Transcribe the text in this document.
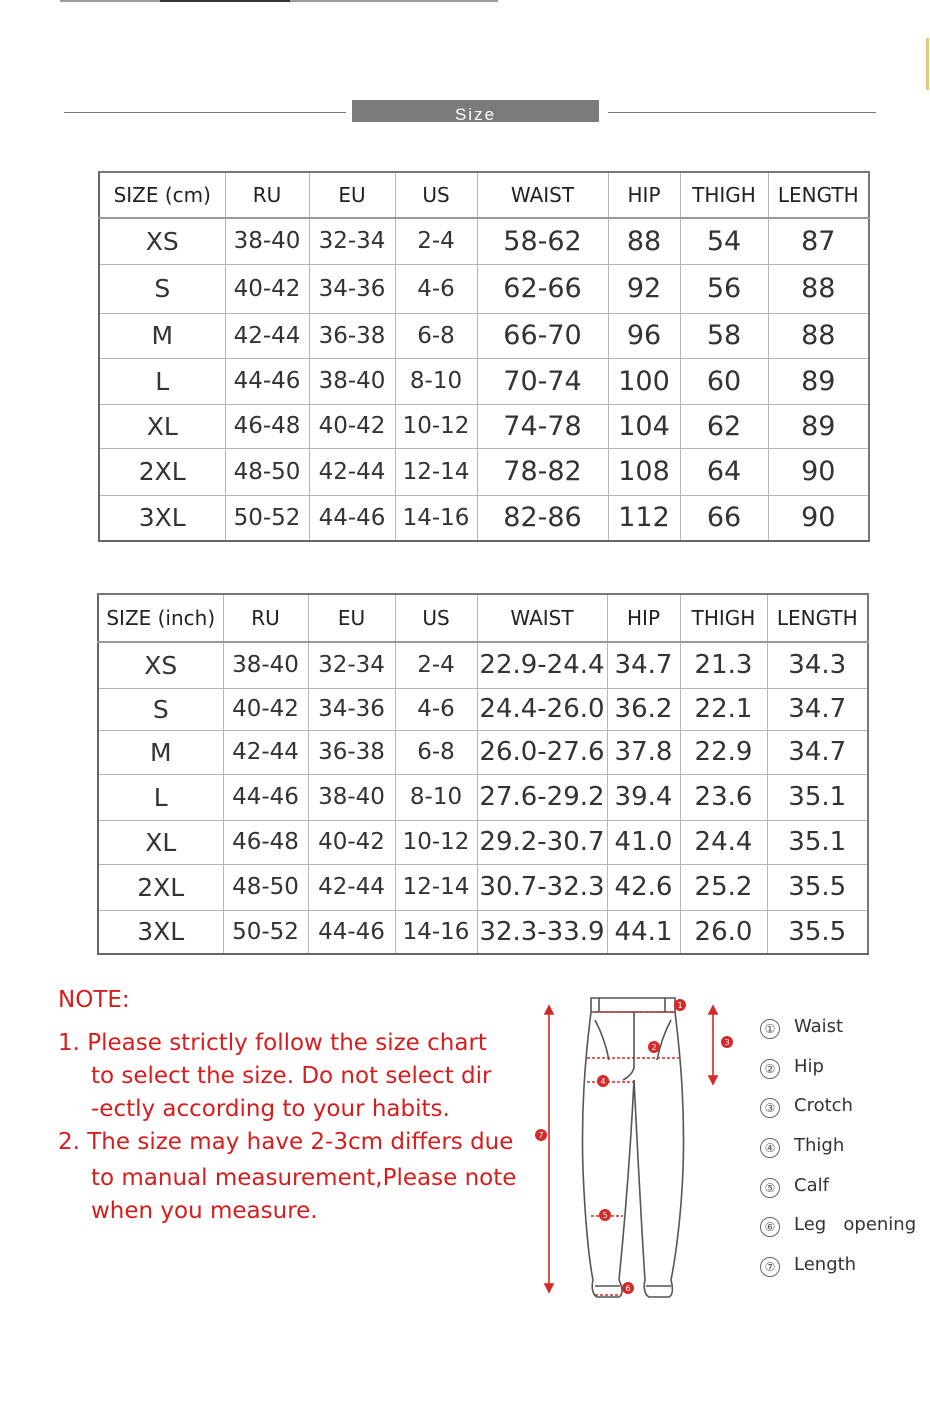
Size
SIZE (cm)	RU	EU	US	WAIST	HIP	THIGH	LENGTH
XS	38-40	32-34	2-4	58-62	88	54	87
S	40-42	34-36	4-6	62-66	92	56	88
M	42-44	36-38	6-8	66-70	96	58	88
L	44-46	38-40	8-10	70-74	100	60	89
XL	46-48	40-42	10-12	74-78	104	62	89
2XL	48-50	42-44	12-14	78-82	108	64	90
3XL	50-52	44-46	14-16	82-86	112	66	90
SIZE (inch)	RU	EU	US	WAIST	HIP	THIGH	LENGTH
XS	38-40	32-34	2-4	22.9-24.4	34.7	21.3	34.3
S	40-42	34-36	4-6	24.4-26.0	36.2	22.1	34.7
M	42-44	36-38	6-8	26.0-27.6	37.8	22.9	34.7
L	44-46	38-40	8-10	27.6-29.2	39.4	23.6	35.1
XL	46-48	40-42	10-12	29.2-30.7	41.0	24.4	35.1
2XL	48-50	42-44	12-14	30.7-32.3	42.6	25.2	35.5
3XL	50-52	44-46	14-16	32.3-33.9	44.1	26.0	35.5
NOTE:
1. Please strictly follow the size chart
to select the size. Do not select dir
-ectly according to your habits.
2. The size may have 2-3cm differs due
to manual measurement,Please note
when you measure.
1
2
3
4
5
6
7
① Waist
② Hip
③ Crotch
④ Thigh
⑤ Calf
⑥ Leg   opening
⑦ Length
